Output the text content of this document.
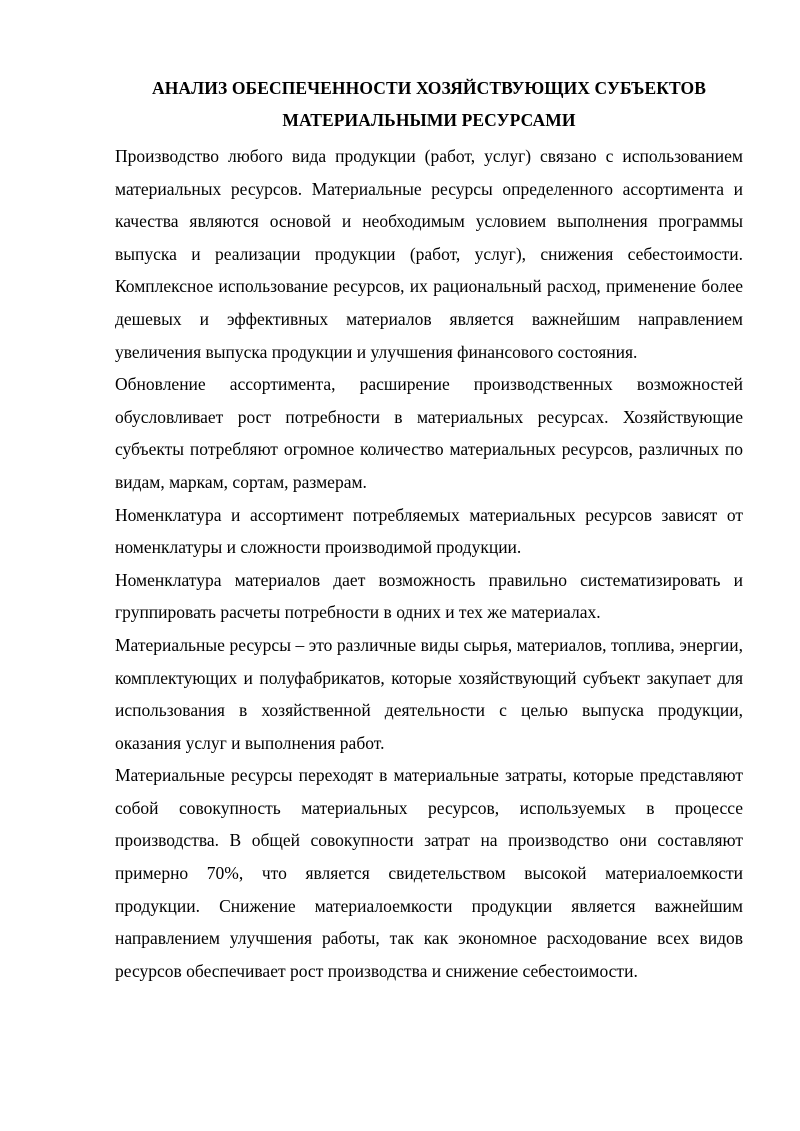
АНАЛИЗ ОБЕСПЕЧЕННОСТИ ХОЗЯЙСТВУЮЩИХ СУБЪЕКТОВ
МАТЕРИАЛЬНЫМИ РЕСУРСАМИ

Производство любого вида продукции (работ, услуг) связано с использованием материальных ресурсов. Материальные ресурсы определенного ассортимента и качества являются основой и необходимым условием выполнения программы выпуска и реализации продукции (работ, услуг), снижения себестоимости. Комплексное использование ресурсов, их рациональный расход, применение более дешевых и эффективных материалов является важнейшим направлением увеличения выпуска продукции и улучшения финансового состояния.

Обновление ассортимента, расширение производственных возможностей обусловливает рост потребности в материальных ресурсах. Хозяйствующие субъекты потребляют огромное количество материальных ресурсов, различных по видам, маркам, сортам, размерам.

Номенклатура и ассортимент потребляемых материальных ресурсов зависят от номенклатуры и сложности производимой продукции.

Номенклатура материалов дает возможность правильно систематизировать и группировать расчеты потребности в одних и тех же материалах.

Материальные ресурсы – это различные виды сырья, материалов, топлива, энергии, комплектующих и полуфабрикатов, которые хозяйствующий субъект закупает для использования в хозяйственной деятельности с целью выпуска продукции, оказания услуг и выполнения работ.

Материальные ресурсы переходят в материальные затраты, которые представляют собой совокупность материальных ресурсов, используемых в процессе производства. В общей совокупности затрат на производство они составляют примерно 70%, что является свидетельством высокой материалоемкости продукции. Снижение материалоемкости продукции является важнейшим направлением улучшения работы, так как экономное расходование всех видов ресурсов обеспечивает рост производства и снижение себестоимости.
